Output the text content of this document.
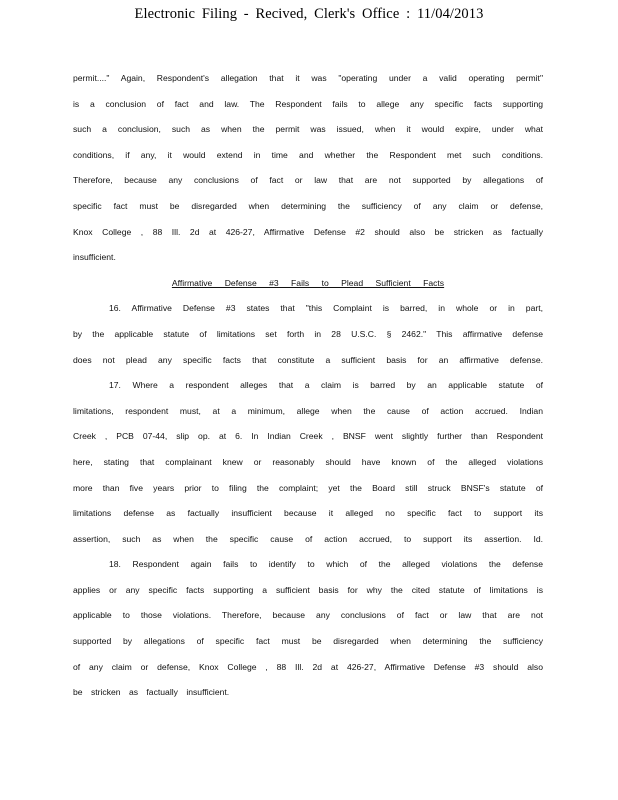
Electronic Filing - Recived, Clerk's Office : 11/04/2013
permit...." Again, Respondent's allegation that it was "operating under a valid operating permit"
is a conclusion of fact and law. The Respondent fails to allege any specific facts supporting
such a conclusion, such as when the permit was issued, when it would expire, under what
conditions, if any, it would extend in time and whether the Respondent met such conditions.
Therefore, because any conclusions of fact or law that are not supported by allegations of
specific fact must be disregarded when determining the sufficiency of any claim or defense,
Knox College , 88 Ill. 2d at 426-27, Affirmative Defense #2 should also be stricken as factually
insufficient.
Affirmative Defense #3 Fails to Plead Sufficient Facts
16. Affirmative Defense #3 states that "this Complaint is barred, in whole or in part,
by the applicable statute of limitations set forth in 28 U.S.C. § 2462." This affirmative defense
does not plead any specific facts that constitute a sufficient basis for an affirmative defense.
17. Where a respondent alleges that a claim is barred by an applicable statute of
limitations, respondent must, at a minimum, allege when the cause of action accrued. Indian
Creek , PCB 07-44, slip op. at 6. In Indian Creek , BNSF went slightly further than Respondent
here, stating that complainant knew or reasonably should have known of the alleged violations
more than five years prior to filing the complaint; yet the Board still struck BNSF's statute of
limitations defense as factually insufficient because it alleged no specific fact to support its
assertion, such as when the specific cause of action accrued, to support its assertion. Id.
18. Respondent again fails to identify to which of the alleged violations the defense
applies or any specific facts supporting a sufficient basis for why the cited statute of limitations is
applicable to those violations. Therefore, because any conclusions of fact or law that are not
supported by allegations of specific fact must be disregarded when determining the sufficiency
of any claim or defense, Knox College , 88 Ill. 2d at 426-27, Affirmative Defense #3 should also
be stricken as factually insufficient.
